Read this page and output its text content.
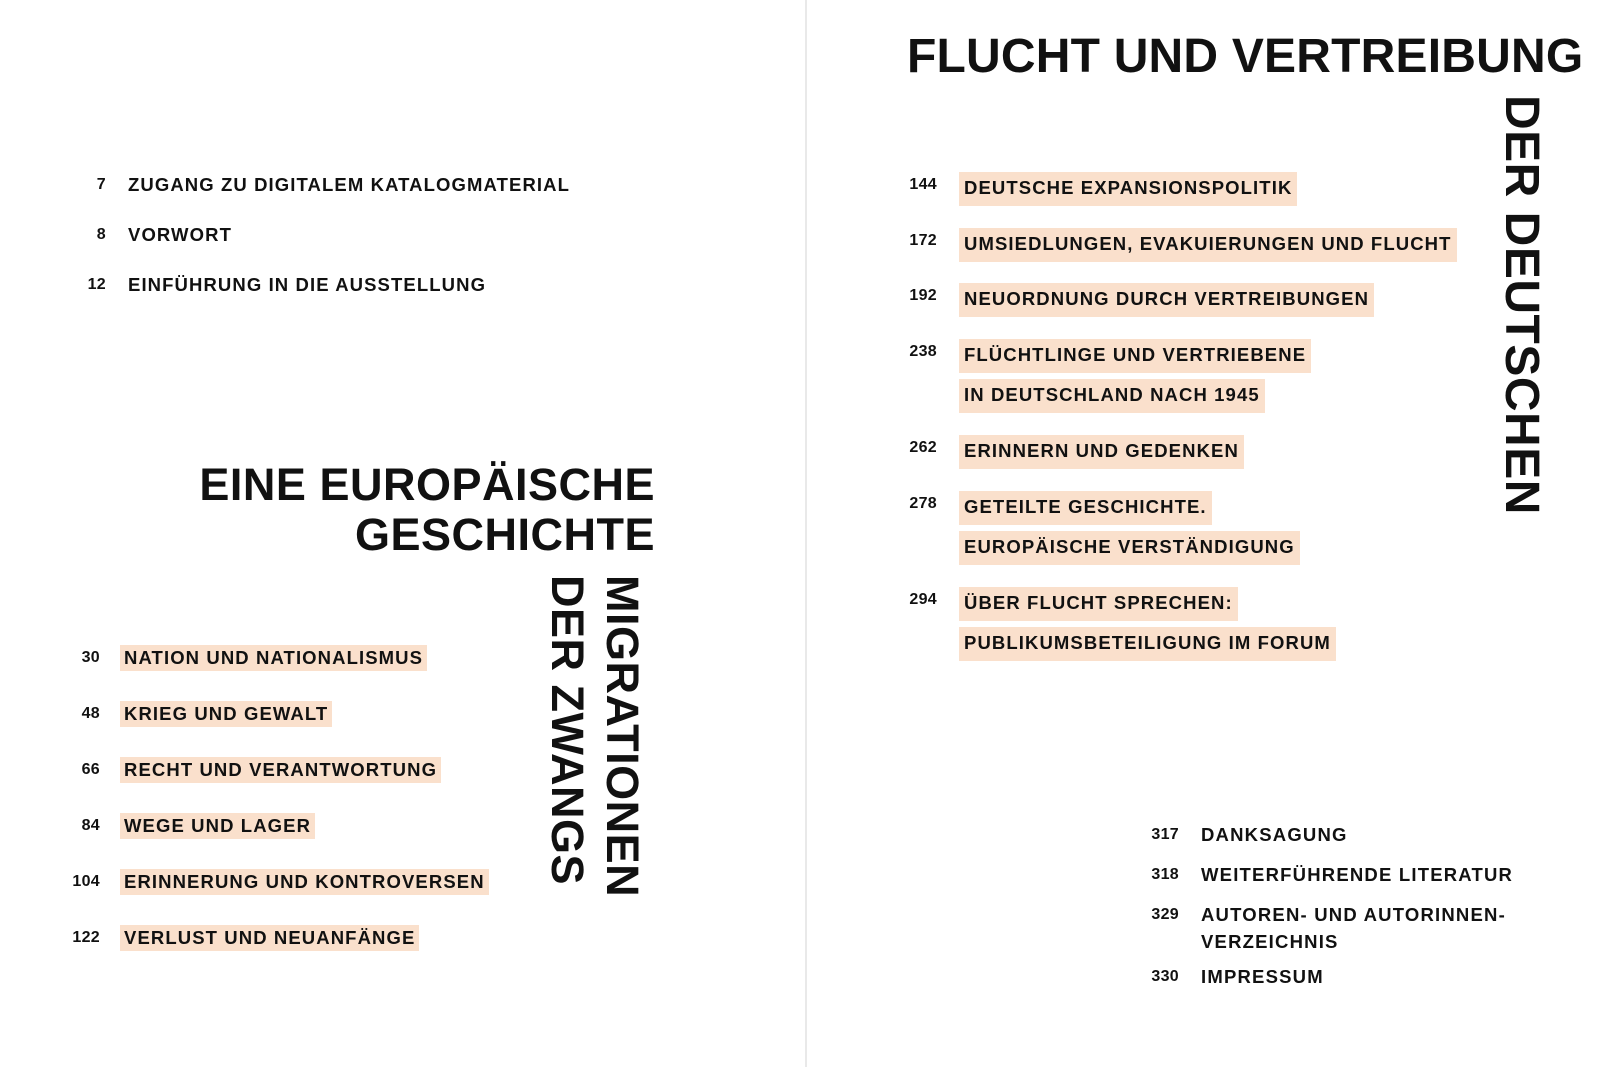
7 ZUGANG ZU DIGITALEM KATALOGMATERIAL
8 VORWORT
12 EINFÜHRUNG IN DIE AUSSTELLUNG
EINE EUROPÄISCHE
GESCHICHTE
DER ZWANGS MIGRATIONEN
30 NATION UND NATIONALISMUS
48 KRIEG UND GEWALT
66 RECHT UND VERANTWORTUNG
84 WEGE UND LAGER
104 ERINNERUNG UND KONTROVERSEN
122 VERLUST UND NEUANFÄNGE
FLUCHT UND VERTREIBUNG
DER DEUTSCHEN
144 DEUTSCHE EXPANSIONSPOLITIK
172 UMSIEDLUNGEN, EVAKUIERUNGEN UND FLUCHT
192 NEUORDNUNG DURCH VERTREIBUNGEN
238 FLÜCHTLINGE UND VERTRIEBENE
IN DEUTSCHLAND NACH 1945
262 ERINNERN UND GEDENKEN
278 GETEILTE GESCHICHTE.
EUROPÄISCHE VERSTÄNDIGUNG
294 ÜBER FLUCHT SPRECHEN:
PUBLIKUMSBETEILIGUNG IM FORUM
317 DANKSAGUNG
318 WEITERFÜHRENDE LITERATUR
329 AUTOREN- UND AUTORINNEN-
VERZEICHNIS
330 IMPRESSUM
